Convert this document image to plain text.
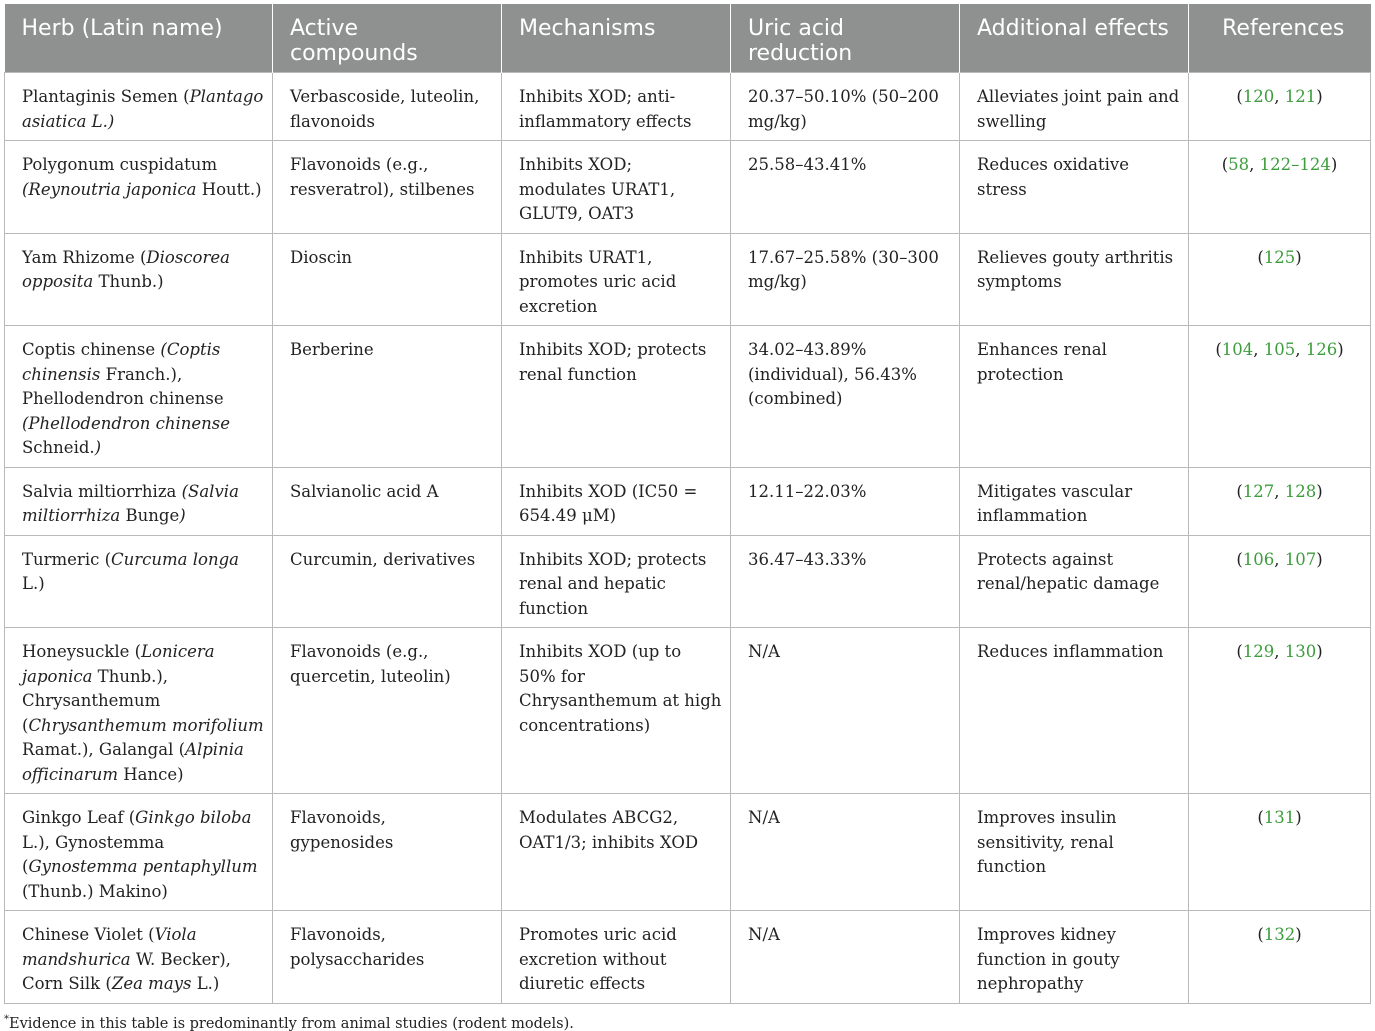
Herb (Latin name)	Active compounds	Mechanisms	Uric acid reduction	Additional effects	References
Plantaginis Semen (Plantago asiatica L.)	Verbascoside, luteolin, flavonoids	Inhibits XOD; anti-inflammatory effects	20.37–50.10% (50–200 mg/kg)	Alleviates joint pain and swelling	(120, 121)
Polygonum cuspidatum (Reynoutria japonica Houtt.)	Flavonoids (e.g., resveratrol), stilbenes	Inhibits XOD; modulates URAT1, GLUT9, OAT3	25.58–43.41%	Reduces oxidative stress	(58, 122–124)
Yam Rhizome (Dioscorea opposita Thunb.)	Dioscin	Inhibits URAT1, promotes uric acid excretion	17.67–25.58% (30–300 mg/kg)	Relieves gouty arthritis symptoms	(125)
Coptis chinense (Coptis chinensis Franch.), Phellodendron chinense (Phellodendron chinense Schneid.)	Berberine	Inhibits XOD; protects renal function	34.02–43.89% (individual), 56.43% (combined)	Enhances renal protection	(104, 105, 126)
Salvia miltiorrhiza (Salvia miltiorrhiza Bunge)	Salvianolic acid A	Inhibits XOD (IC50 = 654.49 μM)	12.11–22.03%	Mitigates vascular inflammation	(127, 128)
Turmeric (Curcuma longa L.)	Curcumin, derivatives	Inhibits XOD; protects renal and hepatic function	36.47–43.33%	Protects against renal/hepatic damage	(106, 107)
Honeysuckle (Lonicera japonica Thunb.), Chrysanthemum (Chrysanthemum morifolium Ramat.), Galangal (Alpinia officinarum Hance)	Flavonoids (e.g., quercetin, luteolin)	Inhibits XOD (up to 50% for Chrysanthemum at high concentrations)	N/A	Reduces inflammation	(129, 130)
Ginkgo Leaf (Ginkgo biloba L.), Gynostemma (Gynostemma pentaphyllum (Thunb.) Makino)	Flavonoids, gypenosides	Modulates ABCG2, OAT1/3; inhibits XOD	N/A	Improves insulin sensitivity, renal function	(131)
Chinese Violet (Viola mandshurica W. Becker), Corn Silk (Zea mays L.)	Flavonoids, polysaccharides	Promotes uric acid excretion without diuretic effects	N/A	Improves kidney function in gouty nephropathy	(132)
*Evidence in this table is predominantly from animal studies (rodent models).
